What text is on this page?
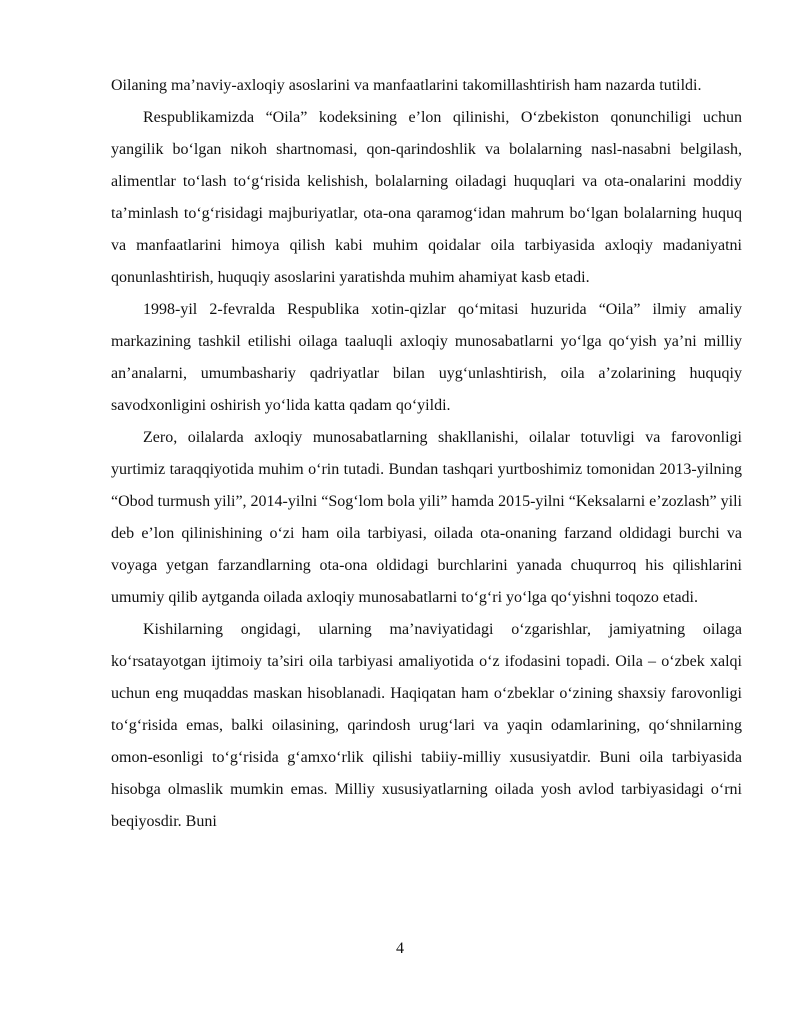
Oilaning ma’naviy-axloqiy asoslarini va manfaatlarini takomillashtirish ham nazarda tutildi.

Respublikamizda “Oila” kodeksining e’lon qilinishi, O‘zbekiston qonunchiligi uchun yangilik bo‘lgan nikoh shartnomasi, qon-qarindoshlik va bolalarning nasl-nasabni belgilash, alimentlar to‘lash to‘g‘risida kelishish, bolalarning oiladagi huquqlari va ota-onalarini moddiy ta’minlash to‘g‘risidagi majburiyatlar, ota-ona qaramog‘idan mahrum bo‘lgan bolalarning huquq va manfaatlarini himoya qilish kabi muhim qoidalar oila tarbiyasida axloqiy madaniyatni qonunlashtirish, huquqiy asoslarini yaratishda muhim ahamiyat kasb etadi.

1998-yil 2-fevralda Respublika xotin-qizlar qo‘mitasi huzurida “Oila” ilmiy amaliy markazining tashkil etilishi oilaga taaluqli axloqiy munosabatlarni yo‘lga qo‘yish ya’ni milliy an’analarni, umumbashariy qadriyatlar bilan uyg‘unlashtirish, oila a’zolarining huquqiy savodxonligini oshirish yo‘lida katta qadam qo‘yildi.

Zero, oilalarda axloqiy munosabatlarning shakllanishi, oilalar totuvligi va farovonligi yurtimiz taraqqiyotida muhim o‘rin tutadi. Bundan tashqari yurtboshimiz tomonidan 2013-yilning “Obod turmush yili”, 2014-yilni “Sog‘lom bola yili” hamda 2015-yilni “Keksalarni e’zozlash” yili deb e’lon qilinishining o‘zi ham oila tarbiyasi, oilada ota-onaning farzand oldidagi burchi va voyaga yetgan farzandlarning ota-ona oldidagi burchlarini yanada chuqurroq his qilishlarini umumiy qilib aytganda oilada axloqiy munosabatlarni to‘g‘ri yo‘lga qo‘yishni toqozo etadi.

Kishilarning ongidagi, ularning ma’naviyatidagi o‘zgarishlar, jamiyatning oilaga ko‘rsatayotgan ijtimoiy ta’siri oila tarbiyasi amaliyotida o‘z ifodasini topadi. Oila – o‘zbek xalqi uchun eng muqaddas maskan hisoblanadi. Haqiqatan ham o‘zbeklar o‘zining shaxsiy farovonligi to‘g‘risida emas, balki oilasining, qarindosh urug‘lari va yaqin odamlarining, qo‘shnilarning omon-esonligi to‘g‘risida g‘amxo‘rlik qilishi tabiiy-milliy xususiyatdir. Buni oila tarbiyasida hisobga olmaslik mumkin emas. Milliy xususiyatlarning oilada yosh avlod tarbiyasidagi o‘rni beqiyosdir. Buni

4
